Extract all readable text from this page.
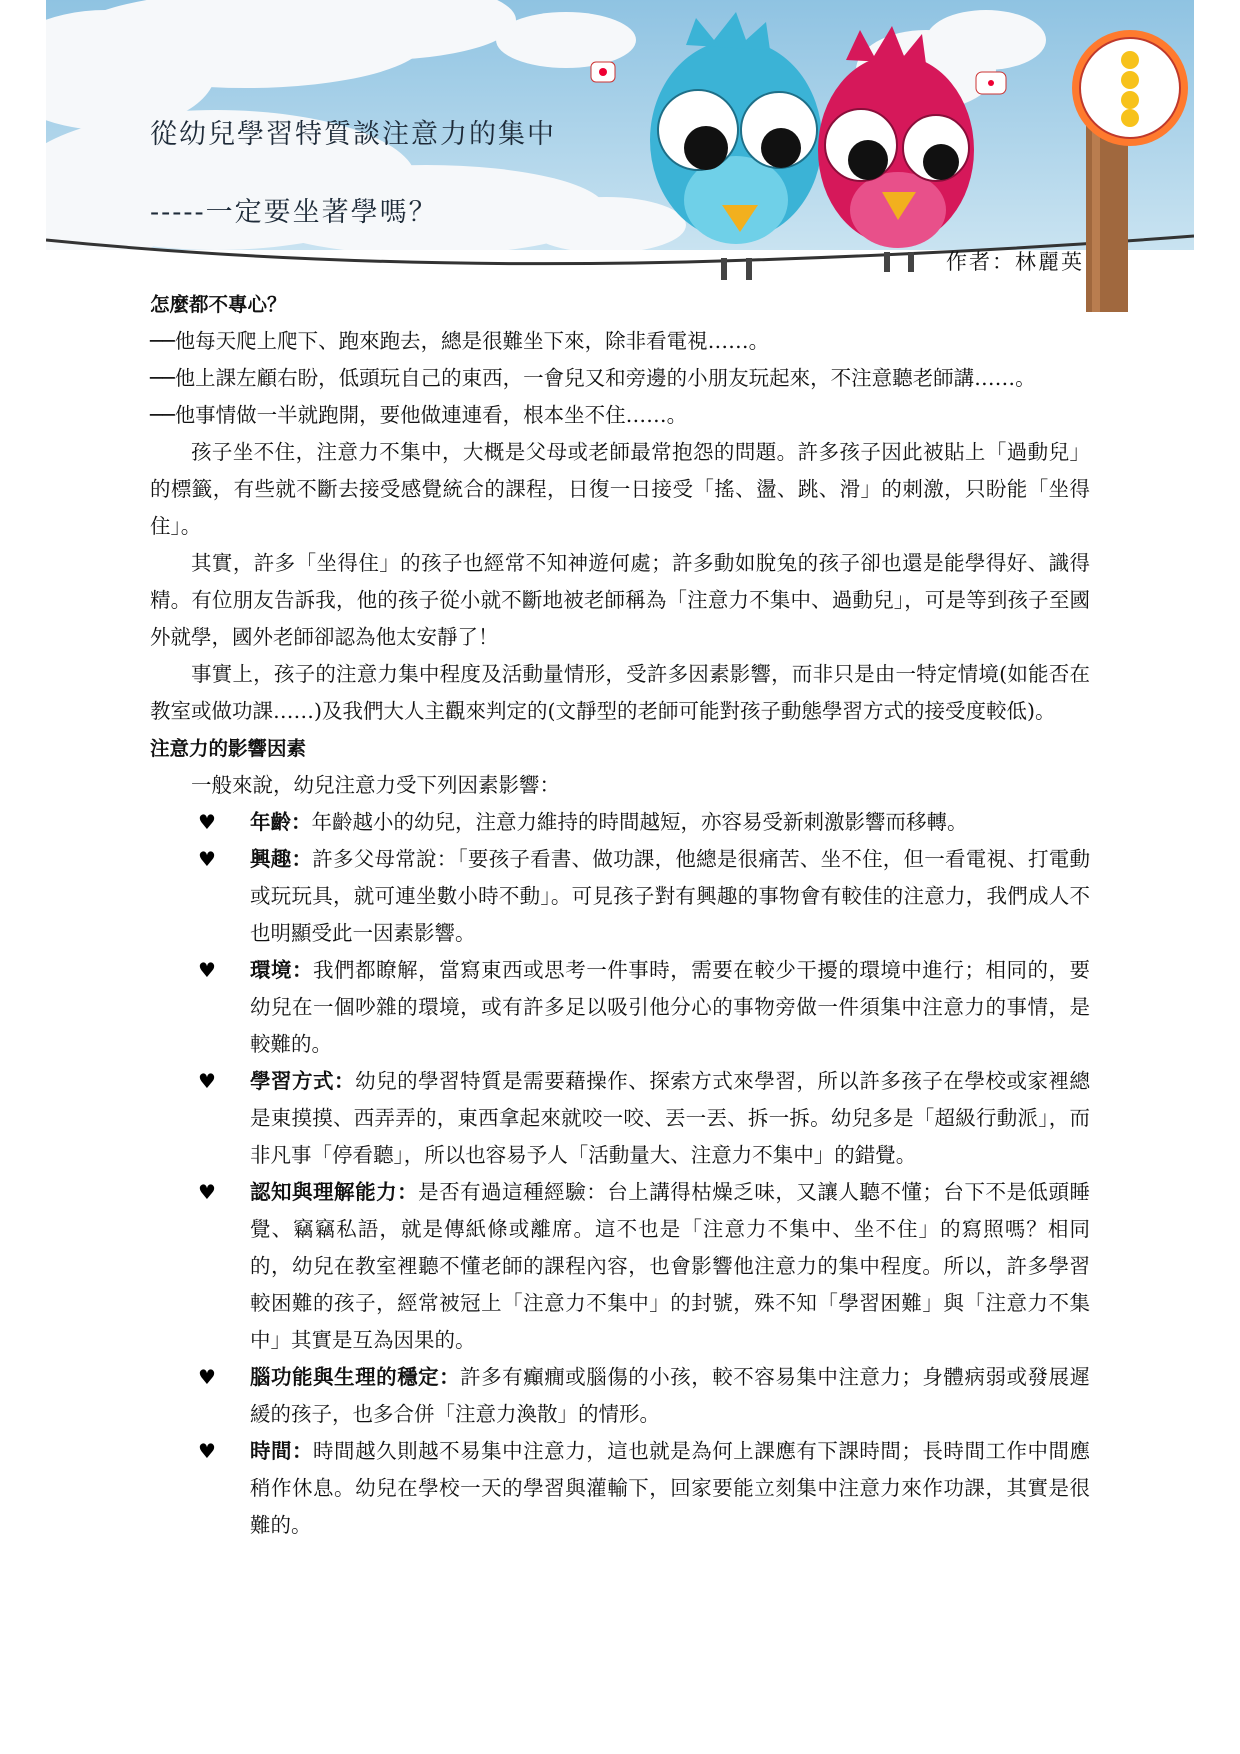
從幼兒學習特質談注意力的集中
-----一定要坐著學嗎？
作者：林麗英

怎麼都不專心？

──他每天爬上爬下、跑來跑去，總是很難坐下來，除非看電視……。

──他上課左顧右盼，低頭玩自己的東西，一會兒又和旁邊的小朋友玩起來，不注意聽老師講……。

──他事情做一半就跑開，要他做連連看，根本坐不住……。

孩子坐不住，注意力不集中，大概是父母或老師最常抱怨的問題。許多孩子因此被貼上「過動兒」的標籤，有些就不斷去接受感覺統合的課程，日復一日接受「搖、盪、跳、滑」的刺激，只盼能「坐得住」。

其實，許多「坐得住」的孩子也經常不知神遊何處；許多動如脫兔的孩子卻也還是能學得好、識得精。有位朋友告訴我，他的孩子從小就不斷地被老師稱為「注意力不集中、過動兒」，可是等到孩子至國外就學，國外老師卻認為他太安靜了！

事實上，孩子的注意力集中程度及活動量情形，受許多因素影響，而非只是由一特定情境(如能否在教室或做功課……)及我們大人主觀來判定的(文靜型的老師可能對孩子動態學習方式的接受度較低)。

注意力的影響因素

一般來說，幼兒注意力受下列因素影響：

♥ 年齡：年齡越小的幼兒，注意力維持的時間越短，亦容易受新刺激影響而移轉。
♥ 興趣：許多父母常說：「要孩子看書、做功課，他總是很痛苦、坐不住，但一看電視、打電動或玩玩具，就可連坐數小時不動」。可見孩子對有興趣的事物會有較佳的注意力，我們成人不也明顯受此一因素影響。
♥ 環境：我們都瞭解，當寫東西或思考一件事時，需要在較少干擾的環境中進行；相同的，要幼兒在一個吵雜的環境，或有許多足以吸引他分心的事物旁做一件須集中注意力的事情，是較難的。
♥ 學習方式：幼兒的學習特質是需要藉操作、探索方式來學習，所以許多孩子在學校或家裡總是東摸摸、西弄弄的，東西拿起來就咬一咬、丟一丟、拆一拆。幼兒多是「超級行動派」，而非凡事「停看聽」，所以也容易予人「活動量大、注意力不集中」的錯覺。
♥ 認知與理解能力：是否有過這種經驗：台上講得枯燥乏味，又讓人聽不懂；台下不是低頭睡覺、竊竊私語，就是傳紙條或離席。這不也是「注意力不集中、坐不住」的寫照嗎？相同的，幼兒在教室裡聽不懂老師的課程內容，也會影響他注意力的集中程度。所以，許多學習較困難的孩子，經常被冠上「注意力不集中」的封號，殊不知「學習困難」與「注意力不集中」其實是互為因果的。
♥ 腦功能與生理的穩定：許多有癲癇或腦傷的小孩，較不容易集中注意力；身體病弱或發展遲緩的孩子，也多合併「注意力渙散」的情形。
♥ 時間：時間越久則越不易集中注意力，這也就是為何上課應有下課時間；長時間工作中間應稍作休息。幼兒在學校一天的學習與灌輸下，回家要能立刻集中注意力來作功課，其實是很難的。
